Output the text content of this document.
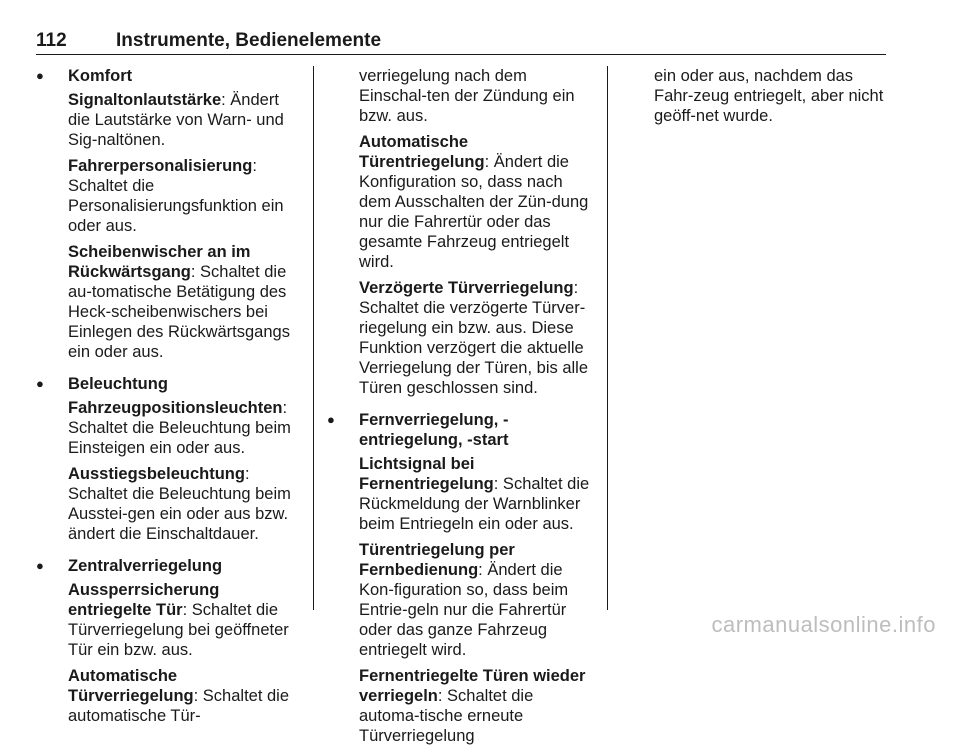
112	Instrumente, Bedienelemente
● Komfort
Signaltonlautstärke: Ändert die Lautstärke von Warn- und Sig-naltönen.
Fahrerpersonalisierung: Schaltet die Personalisierungsfunktion ein oder aus.
Scheibenwischer an im Rückwärtsgang: Schaltet die au-tomatische Betätigung des Heck-scheibenwischers bei Einlegen des Rückwärtsgangs ein oder aus.
● Beleuchtung
Fahrzeugpositionsleuchten: Schaltet die Beleuchtung beim Einsteigen ein oder aus.
Ausstiegsbeleuchtung: Schaltet die Beleuchtung beim Ausstei-gen ein oder aus bzw. ändert die Einschaltdauer.
● Zentralverriegelung
Aussperrsicherung entriegelte Tür: Schaltet die Türverriegelung bei geöffneter Tür ein bzw. aus.
Automatische Türverriegelung: Schaltet die automatische Tür-
verriegelung nach dem Einschal-ten der Zündung ein bzw. aus.
Automatische Türentriegelung: Ändert die Konfiguration so, dass nach dem Ausschalten der Zün-dung nur die Fahrertür oder das gesamte Fahrzeug entriegelt wird.
Verzögerte Türverriegelung: Schaltet die verzögerte Türver-riegelung ein bzw. aus. Diese Funktion verzögert die aktuelle Verriegelung der Türen, bis alle Türen geschlossen sind.
● Fernverriegelung, -entriegelung, -start
Lichtsignal bei Fernentriegelung: Schaltet die Rückmeldung der Warnblinker beim Entriegeln ein oder aus.
Türentriegelung per Fernbedienung: Ändert die Kon-figuration so, dass beim Entrie-geln nur die Fahrertür oder das ganze Fahrzeug entriegelt wird.
Fernentriegelte Türen wieder verriegeln: Schaltet die automa-tische erneute Türverriegelung
ein oder aus, nachdem das Fahr-zeug entriegelt, aber nicht geöff-net wurde.
carmanualsonline.info
